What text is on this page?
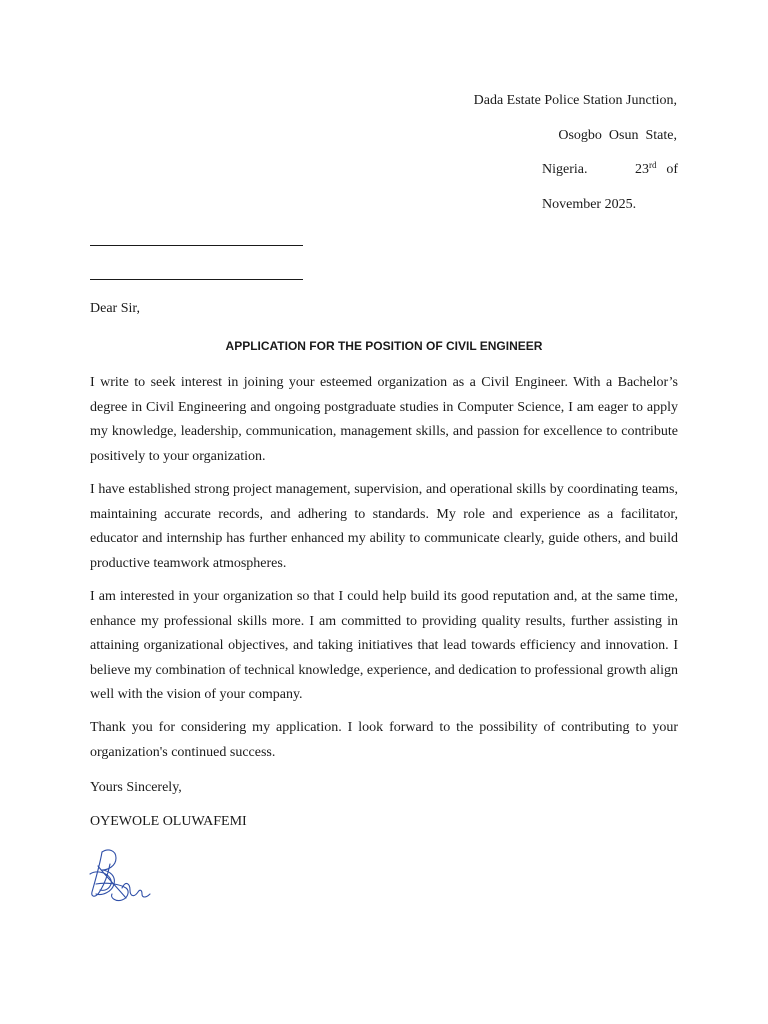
Dada Estate Police Station Junction,
Osogbo  Osun  State,
Nigeria.	23rd of
November 2025.
Dear Sir,
APPLICATION FOR THE POSITION OF CIVIL ENGINEER

I write to seek interest in joining your esteemed organization as a Civil Engineer. With a Bachelor’s degree in Civil Engineering and ongoing postgraduate studies in Computer Science, I am eager to apply my knowledge, leadership, communication, management skills, and passion for excellence to contribute positively to your organization.

I have established strong project management, supervision, and operational skills by coordinating teams, maintaining accurate records, and adhering to standards. My role and experience as a facilitator, educator and internship has further enhanced my ability to communicate clearly, guide others, and build productive teamwork atmospheres.

I am interested in your organization so that I could help build its good reputation and, at the same time, enhance my professional skills more. I am committed to providing quality results, further assisting in attaining organizational objectives, and taking initiatives that lead towards efficiency and innovation. I believe my combination of technical knowledge, experience, and dedication to professional growth align well with the vision of your company.

Thank you for considering my application. I look forward to the possibility of contributing to your organization's continued success.

Yours Sincerely,
OYEWOLE OLUWAFEMI
